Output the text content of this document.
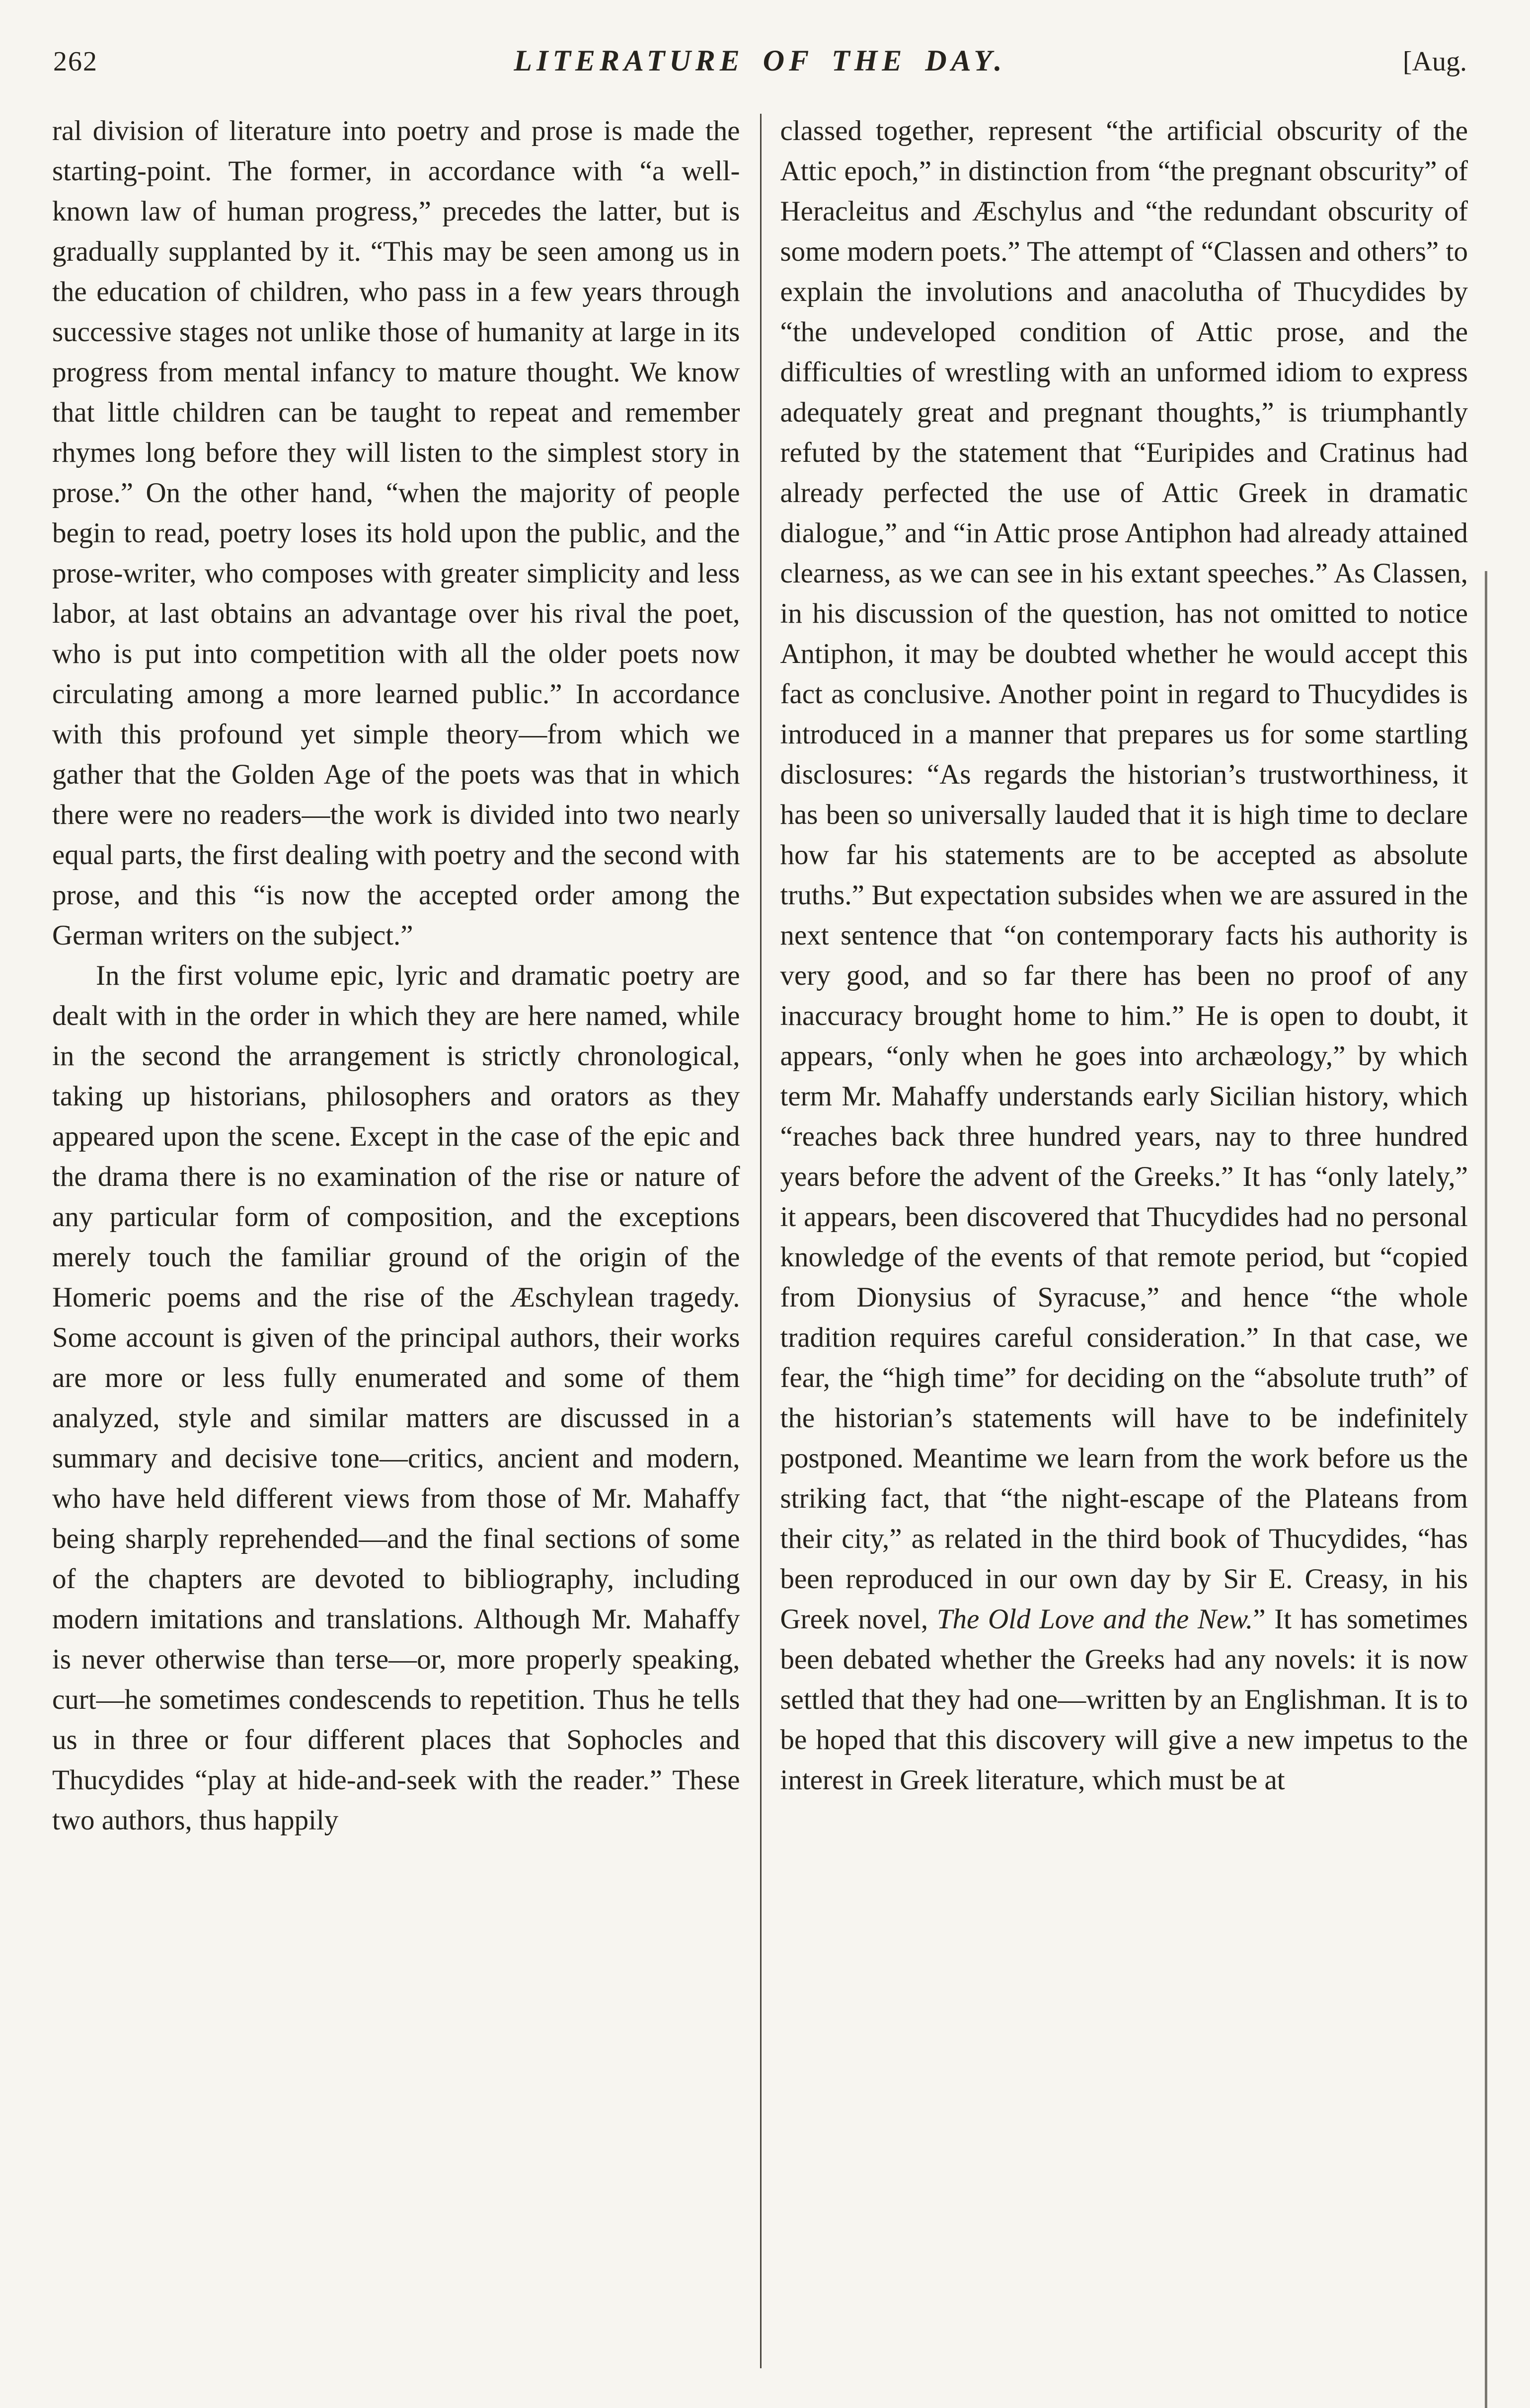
262	LITERATURE OF THE DAY.	[Aug.

ral division of literature into poetry and prose is made the starting-point. The former, in accordance with “a well-known law of human progress,” precedes the latter, but is gradually supplanted by it. “This may be seen among us in the education of children, who pass in a few years through successive stages not unlike those of humanity at large in its progress from mental infancy to mature thought. We know that little children can be taught to repeat and remember rhymes long before they will listen to the simplest story in prose.” On the other hand, “when the majority of people begin to read, poetry loses its hold upon the public, and the prose-writer, who composes with greater simplicity and less labor, at last obtains an advantage over his rival the poet, who is put into competition with all the older poets now circulating among a more learned public.” In accordance with this profound yet simple theory—from which we gather that the Golden Age of the poets was that in which there were no readers—the work is divided into two nearly equal parts, the first dealing with poetry and the second with prose, and this “is now the accepted order among the German writers on the subject.”

In the first volume epic, lyric and dramatic poetry are dealt with in the order in which they are here named, while in the second the arrangement is strictly chronological, taking up historians, philosophers and orators as they appeared upon the scene. Except in the case of the epic and the drama there is no examination of the rise or nature of any particular form of composition, and the exceptions merely touch the familiar ground of the origin of the Homeric poems and the rise of the Æschylean tragedy. Some account is given of the principal authors, their works are more or less fully enumerated and some of them analyzed, style and similar matters are discussed in a summary and decisive tone—critics, ancient and modern, who have held different views from those of Mr. Mahaffy being sharply reprehended—and the final sections of some of the chapters are devoted to bibliography, including modern imitations and translations. Although Mr. Mahaffy is never otherwise than terse—or, more properly speaking, curt—he sometimes condescends to repetition. Thus he tells us in three or four different places that Sophocles and Thucydides “play at hide-and-seek with the reader.” These two authors, thus happily

classed together, represent “the artificial obscurity of the Attic epoch,” in distinction from “the pregnant obscurity” of Heracleitus and Æschylus and “the redundant obscurity of some modern poets.” The attempt of “Classen and others” to explain the involutions and anacolutha of Thucydides by “the undeveloped condition of Attic prose, and the difficulties of wrestling with an unformed idiom to express adequately great and pregnant thoughts,” is triumphantly refuted by the statement that “Euripides and Cratinus had already perfected the use of Attic Greek in dramatic dialogue,” and “in Attic prose Antiphon had already attained clearness, as we can see in his extant speeches.” As Classen, in his discussion of the question, has not omitted to notice Antiphon, it may be doubted whether he would accept this fact as conclusive. Another point in regard to Thucydides is introduced in a manner that prepares us for some startling disclosures: “As regards the historian’s trustworthiness, it has been so universally lauded that it is high time to declare how far his statements are to be accepted as absolute truths.” But expectation subsides when we are assured in the next sentence that “on contemporary facts his authority is very good, and so far there has been no proof of any inaccuracy brought home to him.” He is open to doubt, it appears, “only when he goes into archæology,” by which term Mr. Mahaffy understands early Sicilian history, which “reaches back three hundred years, nay to three hundred years before the advent of the Greeks.” It has “only lately,” it appears, been discovered that Thucydides had no personal knowledge of the events of that remote period, but “copied from Dionysius of Syracuse,” and hence “the whole tradition requires careful consideration.” In that case, we fear, the “high time” for deciding on the “absolute truth” of the historian’s statements will have to be indefinitely postponed. Meantime we learn from the work before us the striking fact, that “the night-escape of the Plateans from their city,” as related in the third book of Thucydides, “has been reproduced in our own day by Sir E. Creasy, in his Greek novel, The Old Love and the New.” It has sometimes been debated whether the Greeks had any novels: it is now settled that they had one—written by an Englishman. It is to be hoped that this discovery will give a new impetus to the interest in Greek literature, which must be at
